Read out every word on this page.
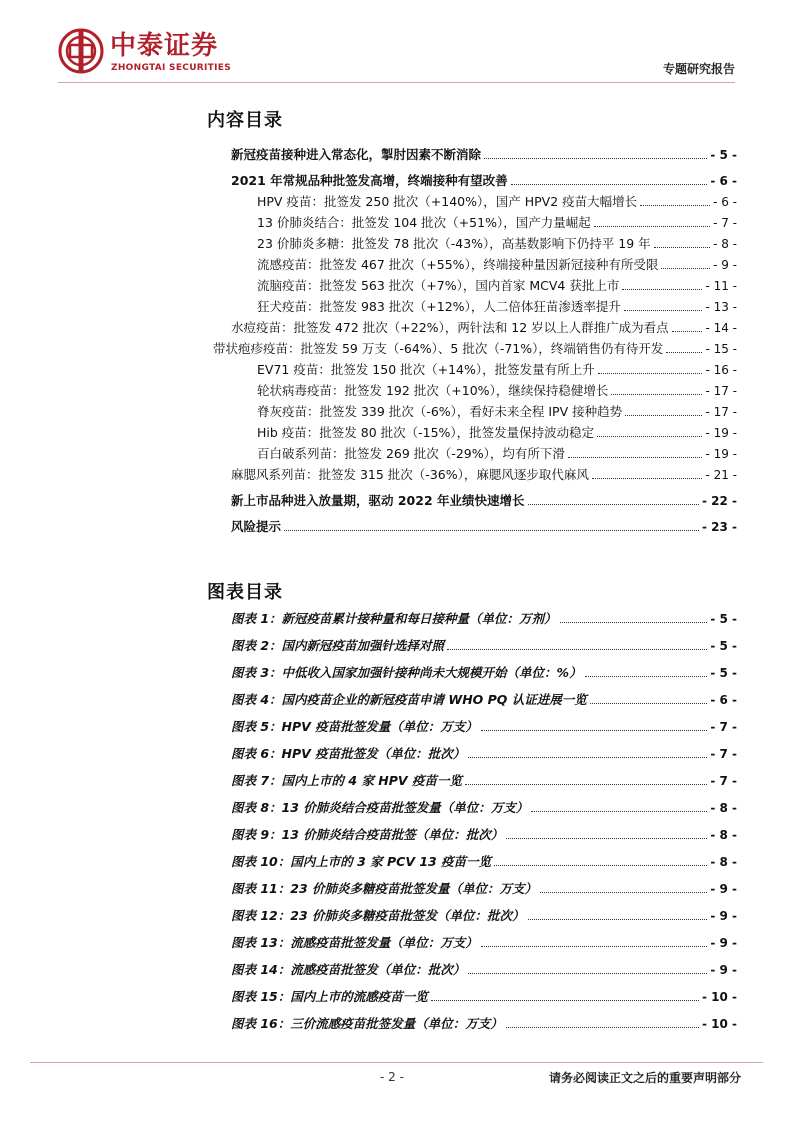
中泰证券
ZHONGTAI SECURITIES	专题研究报告
内容目录
新冠疫苗接种进入常态化，掣肘因素不断消除	- 5 -
2021 年常规品种批签发高增，终端接种有望改善	- 6 -
HPV 疫苗：批签发 250 批次（+140%），国产 HPV2 疫苗大幅增长	- 6 -
13 价肺炎结合：批签发 104 批次（+51%），国产力量崛起	- 7 -
23 价肺炎多糖：批签发 78 批次（-43%），高基数影响下仍持平 19 年	- 8 -
流感疫苗：批签发 467 批次（+55%），终端接种量因新冠接种有所受限	- 9 -
流脑疫苗：批签发 563 批次（+7%），国内首家 MCV4 获批上市	- 11 -
狂犬疫苗：批签发 983 批次（+12%），人二倍体狂苗渗透率提升	- 13 -
水痘疫苗：批签发 472 批次（+22%），两针法和 12 岁以上人群推广成为看点	- 14 -
带状疱疹疫苗：批签发 59 万支（-64%）、5 批次（-71%），终端销售仍有待开发	- 15 -
EV71 疫苗：批签发 150 批次（+14%），批签发量有所上升	- 16 -
轮状病毒疫苗：批签发 192 批次（+10%），继续保持稳健增长	- 17 -
脊灰疫苗：批签发 339 批次（-6%），看好未来全程 IPV 接种趋势	- 17 -
Hib 疫苗：批签发 80 批次（-15%），批签发量保持波动稳定	- 19 -
百白破系列苗：批签发 269 批次（-29%），均有所下滑	- 19 -
麻腮风系列苗：批签发 315 批次（-36%），麻腮风逐步取代麻风	- 21 -
新上市品种进入放量期，驱动 2022 年业绩快速增长	- 22 -
风险提示	- 23 -
图表目录
图表 1：新冠疫苗累计接种量和每日接种量（单位：万剂）	- 5 -
图表 2：国内新冠疫苗加强针选择对照	- 5 -
图表 3：中低收入国家加强针接种尚未大规模开始（单位：%）	- 5 -
图表 4：国内疫苗企业的新冠疫苗申请 WHO PQ 认证进展一览	- 6 -
图表 5：HPV 疫苗批签发量（单位：万支）	- 7 -
图表 6：HPV 疫苗批签发（单位：批次）	- 7 -
图表 7：国内上市的 4 家 HPV 疫苗一览	- 7 -
图表 8：13 价肺炎结合疫苗批签发量（单位：万支）	- 8 -
图表 9：13 价肺炎结合疫苗批签（单位：批次）	- 8 -
图表 10：国内上市的 3 家 PCV 13 疫苗一览	- 8 -
图表 11：23 价肺炎多糖疫苗批签发量（单位：万支）	- 9 -
图表 12：23 价肺炎多糖疫苗批签发（单位：批次）	- 9 -
图表 13：流感疫苗批签发量（单位：万支）	- 9 -
图表 14：流感疫苗批签发（单位：批次）	- 9 -
图表 15：国内上市的流感疫苗一览	- 10 -
图表 16：三价流感疫苗批签发量（单位：万支）	- 10 -
- 2 -	请务必阅读正文之后的重要声明部分
